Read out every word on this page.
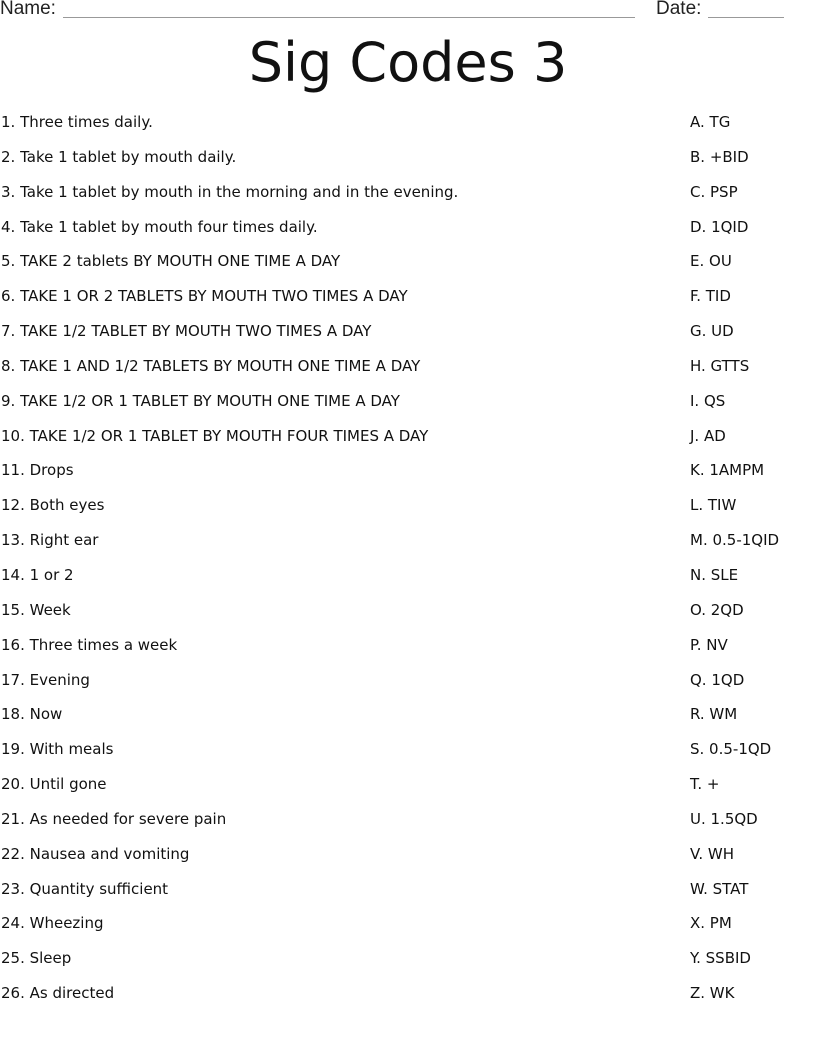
Name:	Date:
Sig Codes 3
1. Three times daily.	A. TG
2. Take 1 tablet by mouth daily.	B. +BID
3. Take 1 tablet by mouth in the morning and in the evening.	C. PSP
4. Take 1 tablet by mouth four times daily.	D. 1QID
5. TAKE 2 tablets BY MOUTH ONE TIME A DAY	E. OU
6. TAKE 1 OR 2 TABLETS BY MOUTH TWO TIMES A DAY	F. TID
7. TAKE 1/2 TABLET BY MOUTH TWO TIMES A DAY	G. UD
8. TAKE 1 AND 1/2 TABLETS BY MOUTH ONE TIME A DAY	H. GTTS
9. TAKE 1/2 OR 1 TABLET BY MOUTH ONE TIME A DAY	I. QS
10. TAKE 1/2 OR 1 TABLET BY MOUTH FOUR TIMES A DAY	J. AD
11. Drops	K. 1AMPM
12. Both eyes	L. TIW
13. Right ear	M. 0.5-1QID
14. 1 or 2	N. SLE
15. Week	O. 2QD
16. Three times a week	P. NV
17. Evening	Q. 1QD
18. Now	R. WM
19. With meals	S. 0.5-1QD
20. Until gone	T. +
21. As needed for severe pain	U. 1.5QD
22. Nausea and vomiting	V. WH
23. Quantity sufficient	W. STAT
24. Wheezing	X. PM
25. Sleep	Y. SSBID
26. As directed	Z. WK
